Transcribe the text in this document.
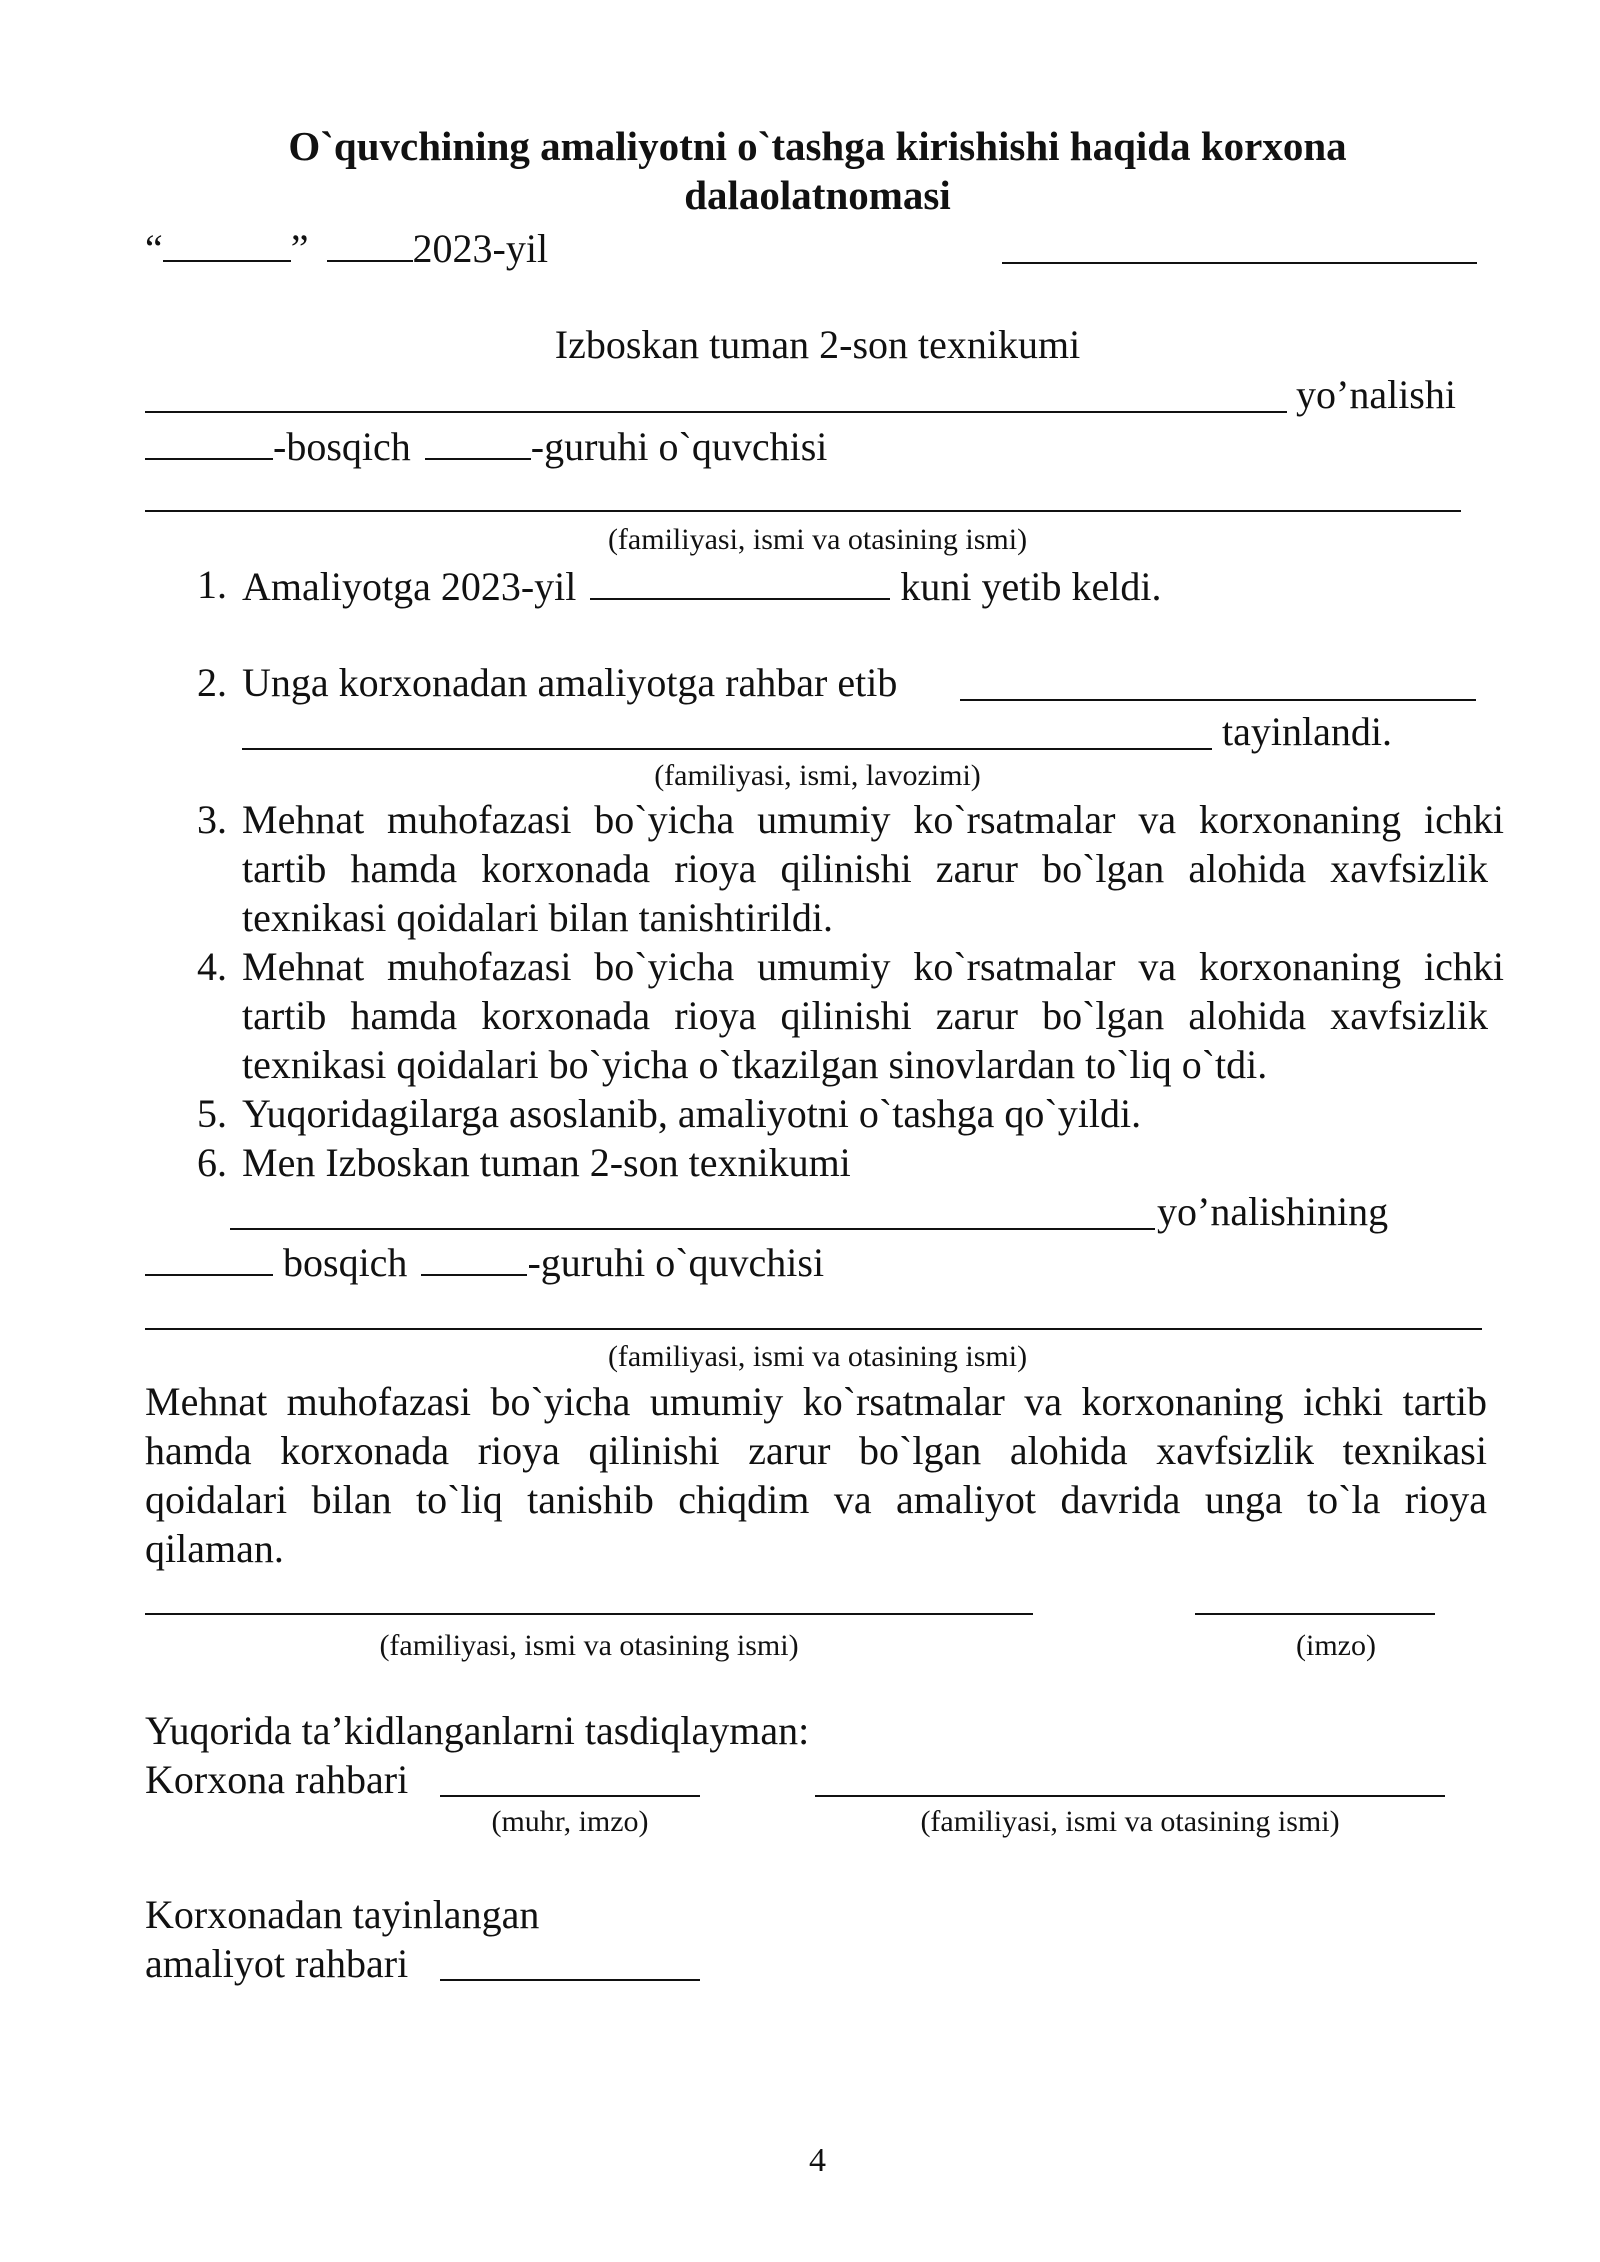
O`quvchining amaliyotni o`tashga kirishishi haqida korxona
dalaolatnomasi
“	”	2023-yil
Izboskan tuman 2-son texnikumi
yo’nalishi
-bosqich	-guruhi o`quvchisi
(familiyasi, ismi va otasining ismi)
1. Amaliyotga 2023-yil	kuni yetib keldi.
2. Unga korxonadan amaliyotga rahbar etib
tayinlandi.
(familiyasi, ismi, lavozimi)
3. Mehnat muhofazasi bo`yicha umumiy ko`rsatmalar va korxonaning ichki
tartib hamda korxonada rioya qilinishi zarur bo`lgan alohida xavfsizlik
texnikasi qoidalari bilan tanishtirildi.
4. Mehnat muhofazasi bo`yicha umumiy ko`rsatmalar va korxonaning ichki
tartib hamda korxonada rioya qilinishi zarur bo`lgan alohida xavfsizlik
texnikasi qoidalari bo`yicha o`tkazilgan sinovlardan to`liq o`tdi.
5. Yuqoridagilarga asoslanib, amaliyotni o`tashga qo`yildi.
6. Men Izboskan tuman 2-son texnikumi
yo’nalishining
bosqich	-guruhi o`quvchisi
(familiyasi, ismi va otasining ismi)
Mehnat muhofazasi bo`yicha umumiy ko`rsatmalar va korxonaning ichki tartib
hamda korxonada rioya qilinishi zarur bo`lgan alohida xavfsizlik texnikasi
qoidalari bilan to`liq tanishib chiqdim va amaliyot davrida unga to`la rioya
qilaman.
(familiyasi, ismi va otasining ismi)	(imzo)
Yuqorida ta’kidlanganlarni tasdiqlayman:
Korxona rahbari
(muhr, imzo)	(familiyasi, ismi va otasining ismi)
Korxonadan tayinlangan
amaliyot rahbari
4
